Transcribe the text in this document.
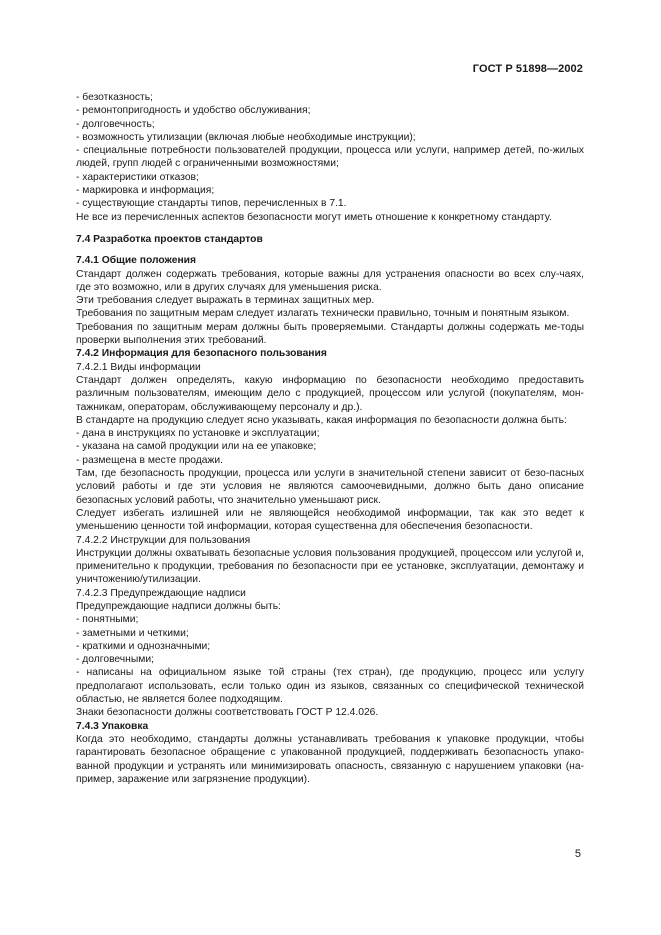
ГОСТ Р 51898—2002

- безотказность;

- ремонтопригодность и удобство обслуживания;

- долговечность;

- возможность утилизации (включая любые необходимые инструкции);

- специальные потребности пользователей продукции, процесса или услуги, например детей, по-жилых людей, групп людей с ограниченными возможностями;

- характеристики отказов;

- маркировка и информация;

- существующие стандарты типов, перечисленных в 7.1.

Не все из перечисленных аспектов безопасности могут иметь отношение к конкретному стандарту.

7.4 Разработка проектов стандартов

7.4.1 Общие положения

Стандарт должен содержать требования, которые важны для устранения опасности во всех слу-чаях, где это возможно, или в других случаях для уменьшения риска.

Эти требования следует выражать в терминах защитных мер.

Требования по защитным мерам следует излагать технически правильно, точным и понятным языком.

Требования по защитным мерам должны быть проверяемыми. Стандарты должны содержать ме-тоды проверки выполнения этих требований.

7.4.2 Информация для безопасного пользования

7.4.2.1 Виды информации

Стандарт должен определять, какую информацию по безопасности необходимо предоставить различным пользователям, имеющим дело с продукцией, процессом или услугой (покупателям, мон-тажникам, операторам, обслуживающему персоналу и др.).

В стандарте на продукцию следует ясно указывать, какая информация по безопасности должна быть:

- дана в инструкциях по установке и эксплуатации;

- указана на самой продукции или на ее упаковке;

- размещена в месте продажи.

Там, где безопасность продукции, процесса или услуги в значительной степени зависит от безо-пасных условий работы и где эти условия не являются самоочевидными, должно быть дано описание безопасных условий работы, что значительно уменьшают риск.

Следует избегать излишней или не являющейся необходимой информации, так как это ведет к уменьшению ценности той информации, которая существенна для обеспечения безопасности.

7.4.2.2 Инструкции для пользования

Инструкции должны охватывать безопасные условия пользования продукцией, процессом или услугой и, применительно к продукции, требования по безопасности при ее установке, эксплуатации, демонтажу и уничтожению/утилизации.

7.4.2.3 Предупреждающие надписи

Предупреждающие надписи должны быть:

- понятными;

- заметными и четкими;

- краткими и однозначными;

- долговечными;

- написаны на официальном языке той страны (тех стран), где продукцию, процесс или услугу предполагают использовать, если только один из языков, связанных со специфической технической областью, не является более подходящим.

Знаки безопасности должны соответствовать ГОСТ Р 12.4.026.

7.4.3 Упаковка

Когда это необходимо, стандарты должны устанавливать требования к упаковке продукции, чтобы гарантировать безопасное обращение с упакованной продукцией, поддерживать безопасность упако-ванной продукции и устранять или минимизировать опасность, связанную с нарушением упаковки (на-пример, заражение или загрязнение продукции).

5
